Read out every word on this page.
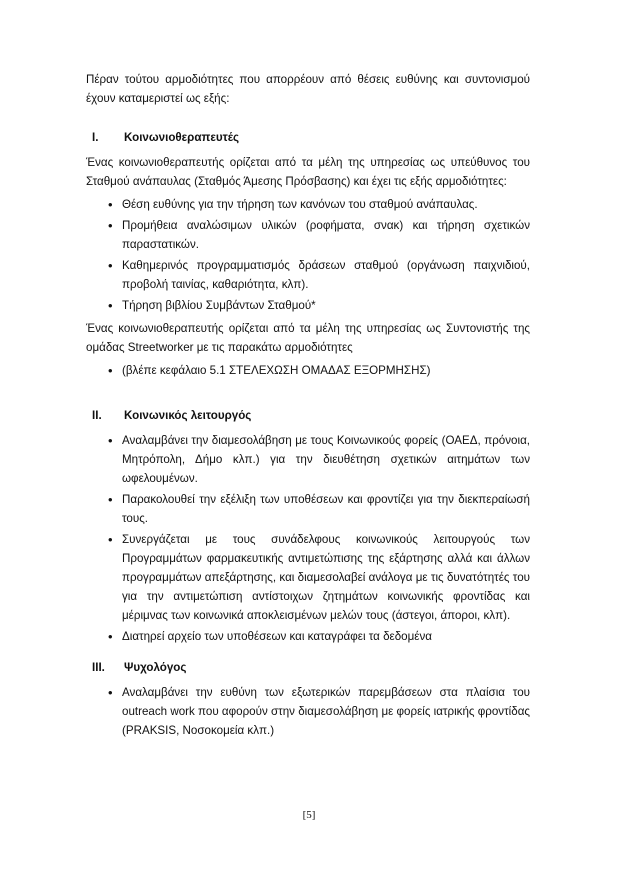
Πέραν τούτου αρμοδιότητες που απορρέουν από θέσεις ευθύνης και συντονισμού έχουν καταμεριστεί ως εξής:

I.	Κοινωνιοθεραπευτές

Ένας κοινωνιοθεραπευτής ορίζεται από τα μέλη της υπηρεσίας ως υπεύθυνος του Σταθμού ανάπαυλας (Σταθμός Άμεσης Πρόσβασης) και έχει τις εξής αρμοδιότητες:

• Θέση ευθύνης για την τήρηση των κανόνων του σταθμού ανάπαυλας.
• Προμήθεια αναλώσιμων υλικών (ροφήματα, σνακ) και τήρηση σχετικών παραστατικών.
• Καθημερινός προγραμματισμός δράσεων σταθμού (οργάνωση παιχνιδιού, προβολή ταινίας, καθαριότητα, κλπ).
• Τήρηση βιβλίου Συμβάντων Σταθμού*

Ένας κοινωνιοθεραπευτής ορίζεται από τα μέλη της υπηρεσίας ως Συντονιστής της ομάδας Streetworker με τις παρακάτω αρμοδιότητες

• (βλέπε κεφάλαιο 5.1 ΣΤΕΛΕΧΩΣΗ ΟΜΑΔΑΣ ΕΞΟΡΜΗΣΗΣ)
II.	Κοινωνικός λειτουργός
• Αναλαμβάνει την διαμεσολάβηση με τους Κοινωνικούς φορείς (ΟΑΕΔ, πρόνοια, Μητρόπολη, Δήμο κλπ.) για την διευθέτηση σχετικών αιτημάτων των ωφελουμένων.
• Παρακολουθεί την εξέλιξη των υποθέσεων και φροντίζει για την διεκπεραίωσή τους.
• Συνεργάζεται με τους συνάδελφους κοινωνικούς λειτουργούς των Προγραμμάτων φαρμακευτικής αντιμετώπισης της εξάρτησης αλλά και άλλων προγραμμάτων απεξάρτησης, και διαμεσολαβεί ανάλογα με τις δυνατότητές του για την αντιμετώπιση αντίστοιχων ζητημάτων κοινωνικής φροντίδας και μέριμνας των κοινωνικά αποκλεισμένων μελών τους (άστεγοι, άποροι, κλπ).
• Διατηρεί αρχείο των υποθέσεων και καταγράφει τα δεδομένα
III.	Ψυχολόγος
• Αναλαμβάνει την ευθύνη των εξωτερικών παρεμβάσεων στα πλαίσια του outreach work που αφορούν στην διαμεσολάβηση με φορείς ιατρικής φροντίδας (PRAKSIS, Νοσοκομεία κλπ.)
[5]
